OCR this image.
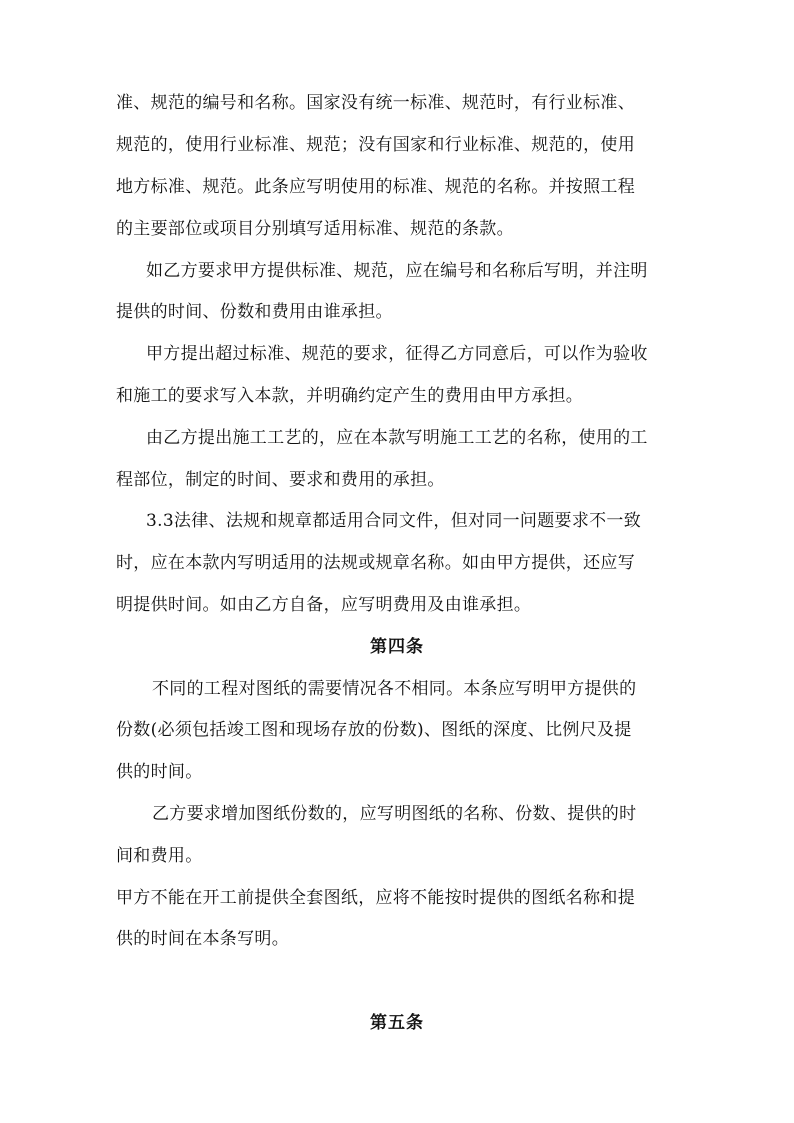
准、规范的编号和名称。国家没有统一标准、规范时，有行业标准、
规范的，使用行业标准、规范；没有国家和行业标准、规范的，使用
地方标准、规范。此条应写明使用的标准、规范的名称。并按照工程
的主要部位或项目分别填写适用标准、规范的条款。
如乙方要求甲方提供标准、规范，应在编号和名称后写明，并注明
提供的时间、份数和费用由谁承担。
甲方提出超过标准、规范的要求，征得乙方同意后，可以作为验收
和施工的要求写入本款，并明确约定产生的费用由甲方承担。
由乙方提出施工工艺的，应在本款写明施工工艺的名称，使用的工
程部位，制定的时间、要求和费用的承担。
3.3法律、法规和规章都适用合同文件，但对同一问题要求不一致
时，应在本款内写明适用的法规或规章名称。如由甲方提供，还应写
明提供时间。如由乙方自备，应写明费用及由谁承担。
第四条
不同的工程对图纸的需要情况各不相同。本条应写明甲方提供的
份数(必须包括竣工图和现场存放的份数)、图纸的深度、比例尺及提
供的时间。
乙方要求增加图纸份数的，应写明图纸的名称、份数、提供的时
间和费用。
甲方不能在开工前提供全套图纸，应将不能按时提供的图纸名称和提
供的时间在本条写明。
第五条
